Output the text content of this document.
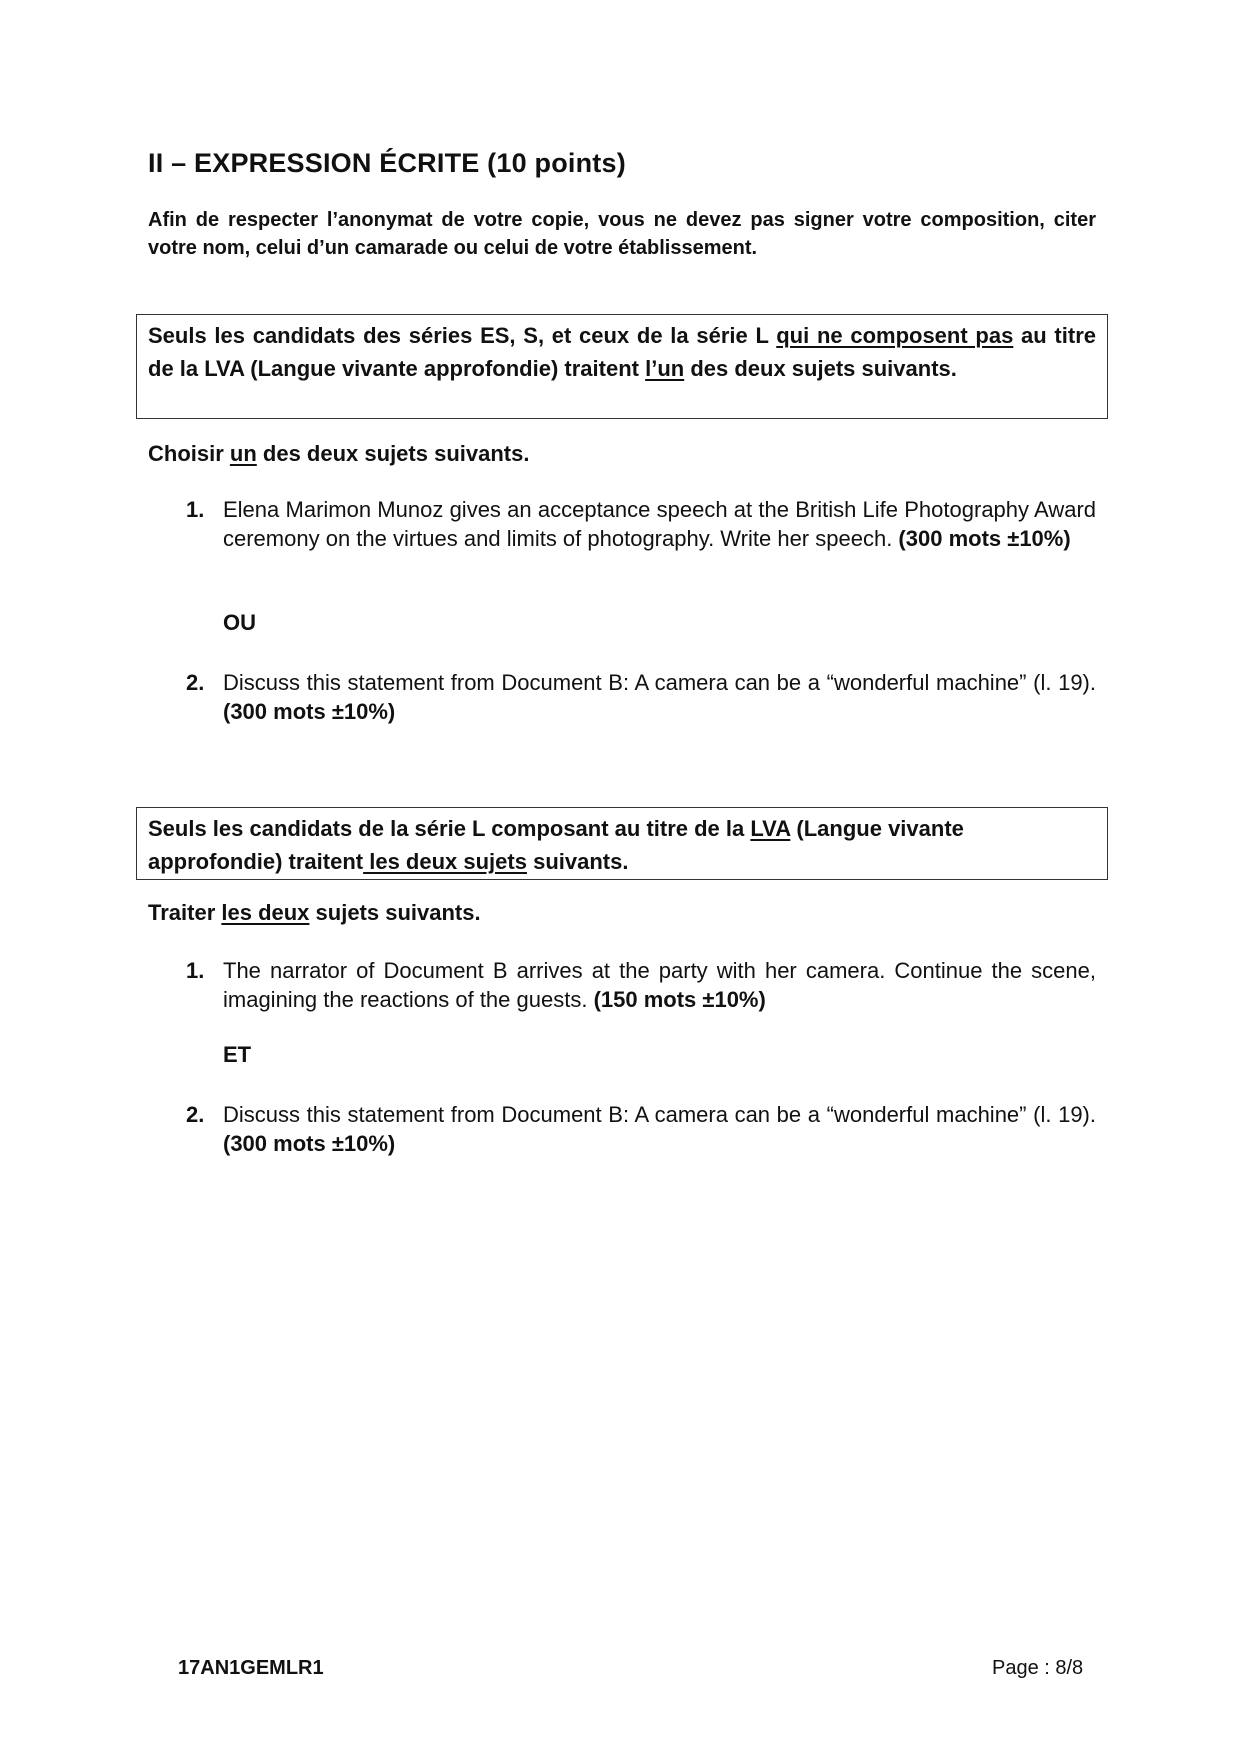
II – EXPRESSION ÉCRITE (10 points)
Afin de respecter l’anonymat de votre copie, vous ne devez pas signer votre composition, citer votre nom, celui d’un camarade ou celui de votre établissement.
Seuls les candidats des séries ES, S, et ceux de la série L qui ne composent pas au titre de la LVA (Langue vivante approfondie) traitent l’un des deux sujets suivants.
Choisir un des deux sujets suivants.
1. Elena Marimon Munoz gives an acceptance speech at the British Life Photography Award ceremony on the virtues and limits of photography. Write her speech. (300 mots ±10%)
OU
2. Discuss this statement from Document B: A camera can be a “wonderful machine” (l. 19). (300 mots ±10%)
Seuls les candidats de la série L composant au titre de la LVA (Langue vivante approfondie) traitent les deux sujets suivants.
Traiter les deux sujets suivants.
1. The narrator of Document B arrives at the party with her camera. Continue the scene, imagining the reactions of the guests. (150 mots ±10%)
ET
2. Discuss this statement from Document B: A camera can be a “wonderful machine” (l. 19). (300 mots ±10%)
17AN1GEMLR1	Page : 8/8
